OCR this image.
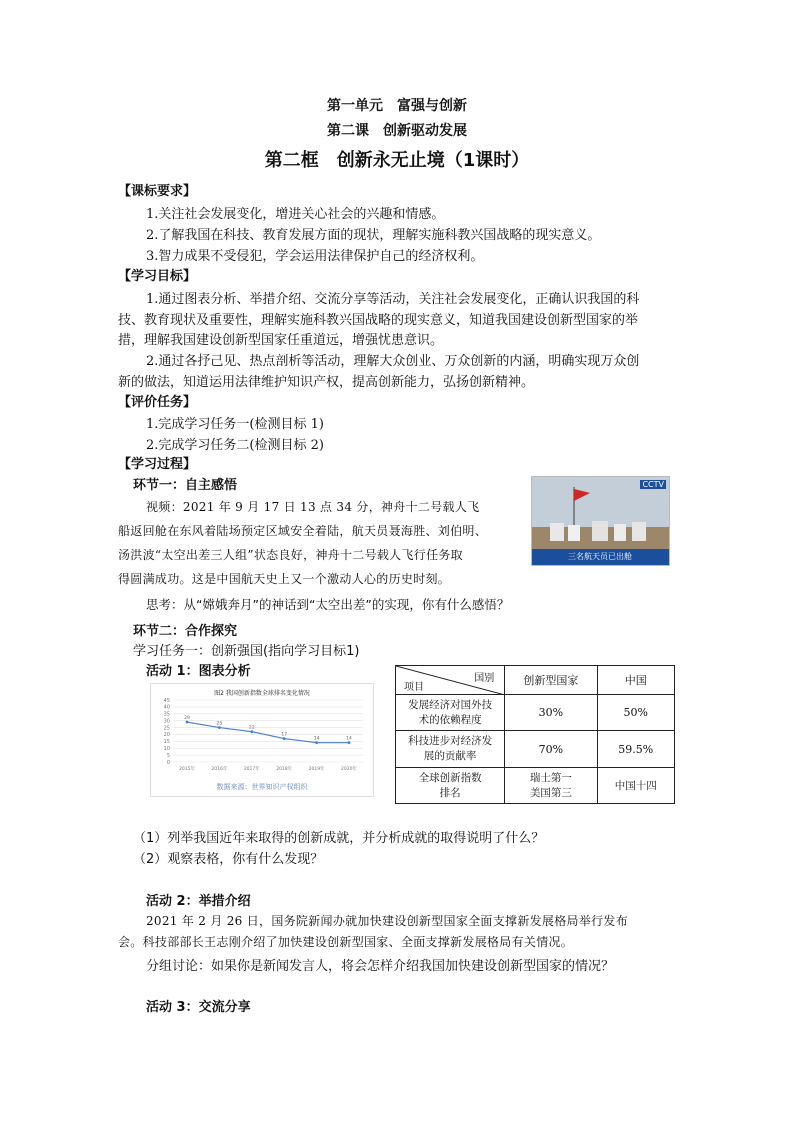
第一单元　富强与创新
第二课　创新驱动发展
第二框　创新永无止境（1课时）
【课标要求】
1.关注社会发展变化，增进关心社会的兴趣和情感。
2.了解我国在科技、教育发展方面的现状，理解实施科教兴国战略的现实意义。
3.智力成果不受侵犯，学会运用法律保护自己的经济权利。
【学习目标】
1.通过图表分析、举措介绍、交流分享等活动，关注社会发展变化，正确认识我国的科
技、教育现状及重要性，理解实施科教兴国战略的现实意义，知道我国建设创新型国家的举
措，理解我国建设创新型国家任重道远，增强忧患意识。
2.通过各抒己见、热点剖析等活动，理解大众创业、万众创新的内涵，明确实现万众创
新的做法，知道运用法律维护知识产权，提高创新能力，弘扬创新精神。
【评价任务】
1.完成学习任务一(检测目标 1)
2.完成学习任务二(检测目标 2)
【学习过程】
环节一：自主感悟
视频：2021 年 9 月 17 日 13 点 34 分，神舟十二号载人飞
船返回舱在东风着陆场预定区域安全着陆，航天员聂海胜、刘伯明、
汤洪波“太空出差三人组”状态良好，神舟十二号载人飞行任务取
得圆满成功。这是中国航天史上又一个激动人心的历史时刻。
CCTV
三名航天员已出舱
思考：从“嫦娥奔月”的神话到“太空出差”的实现，你有什么感悟？
环节二：合作探究
学习任务一：创新强国(指向学习目标1)
活动 1：图表分析
图2 我国创新指数全球排名变化情况
0
5
10
15
20
25
30
35
40
45
2015年	2016年	2017年	2018年	2019年	2020年
29
25
22
17
14	14
数据来源：世界知识产权组织
项目
国别	创新型国家	中国
发展经济对国外技术的依赖程度	30%	50%
科技进步对经济发展的贡献率	70%	59.5%
全球创新指数排名	瑞士第一 美国第三	中国十四
（1）列举我国近年来取得的创新成就，并分析成就的取得说明了什么？
（2）观察表格，你有什么发现？
活动 2：举措介绍
2021 年 2 月 26 日，国务院新闻办就加快建设创新型国家全面支撑新发展格局举行发布
会。科技部部长王志刚介绍了加快建设创新型国家、全面支撑新发展格局有关情况。
分组讨论：如果你是新闻发言人，将会怎样介绍我国加快建设创新型国家的情况？
活动 3：交流分享
